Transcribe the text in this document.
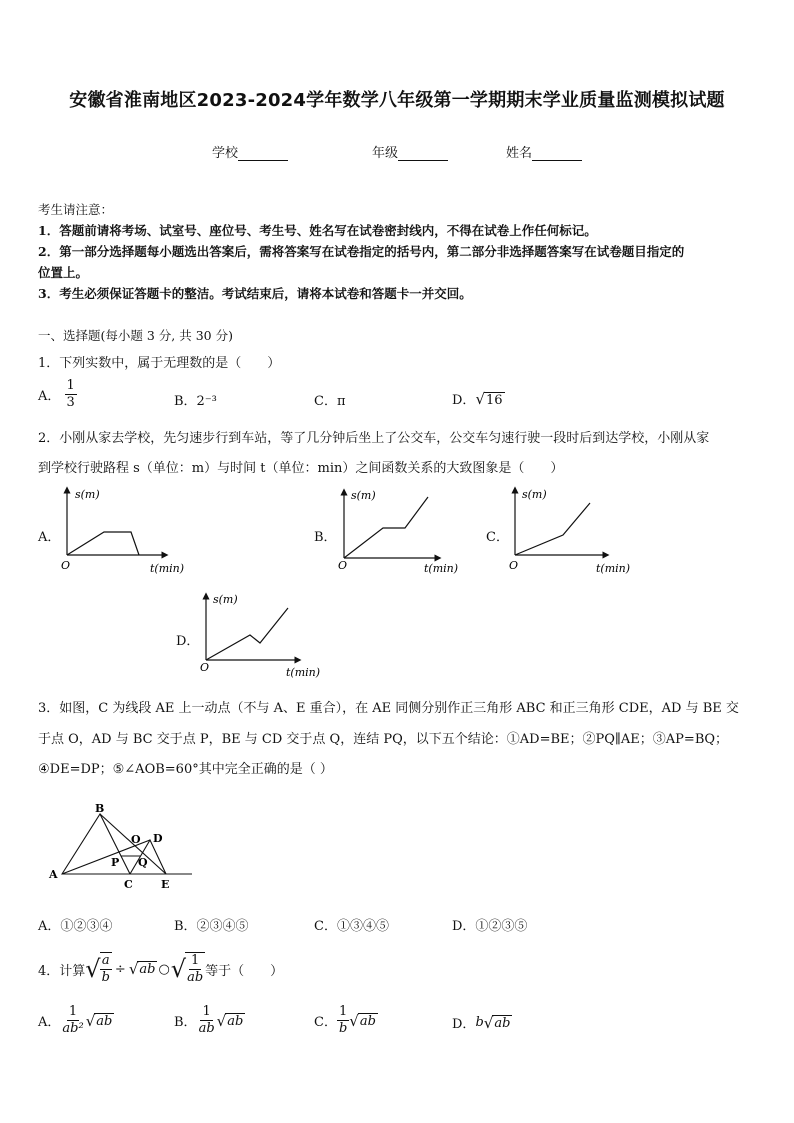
安徽省淮南地区2023-2024学年数学八年级第一学期期末学业质量监测模拟试题
学校	年级	姓名
考生请注意：
1．答题前请将考场、试室号、座位号、考生号、姓名写在试卷密封线内，不得在试卷上作任何标记。
2．第一部分选择题每小题选出答案后，需将答案写在试卷指定的括号内，第二部分非选择题答案写在试卷题目指定的
位置上。
3．考生必须保证答题卡的整洁。考试结束后，请将本试卷和答题卡一并交回。
一、选择题(每小题 3 分, 共 30 分)
1．下列实数中，属于无理数的是（　　）
A． $\frac{1}{3}$	B．2⁻³	C．π	D．√16
2．小刚从家去学校，先匀速步行到车站，等了几分钟后坐上了公交车，公交车匀速行驶一段时后到达学校，小刚从家
到学校行驶路程 s（单位：m）与时间 t（单位：min）之间函数关系的大致图象是（　　）
A．	B．	C．
D．
s(m)
t(min)
O
s(m)
t(min)
O
s(m)
t(min)
O
s(m)
t(min)
O
B
A
C	E
D
O
P Q
3．如图，C 为线段 AE 上一动点（不与 A、E 重合），在 AE 同侧分别作正三角形 ABC 和正三角形 CDE，AD 与 BE 交
于点 O，AD 与 BC 交于点 P，BE 与 CD 交于点 Q，连结 PQ，以下五个结论：①AD=BE；②PQ∥AE；③AP=BQ；
④DE=DP；⑤∠AOB=60°其中完全正确的是（ ）
A．①②③④	B．②③④⑤	C．①③④⑤	D．①②③⑤
4．计算 √ $\frac{a}{b}$ ÷ √ ab ○ √ $\frac{1}{ab}$ 等于（　　）
A． $\frac{1}{\text{ab²}}$ √ ab	B． $\frac{1}{ab}$ √ ab	C． $\frac{1}{b}$ √ ab	D． b √ ab
